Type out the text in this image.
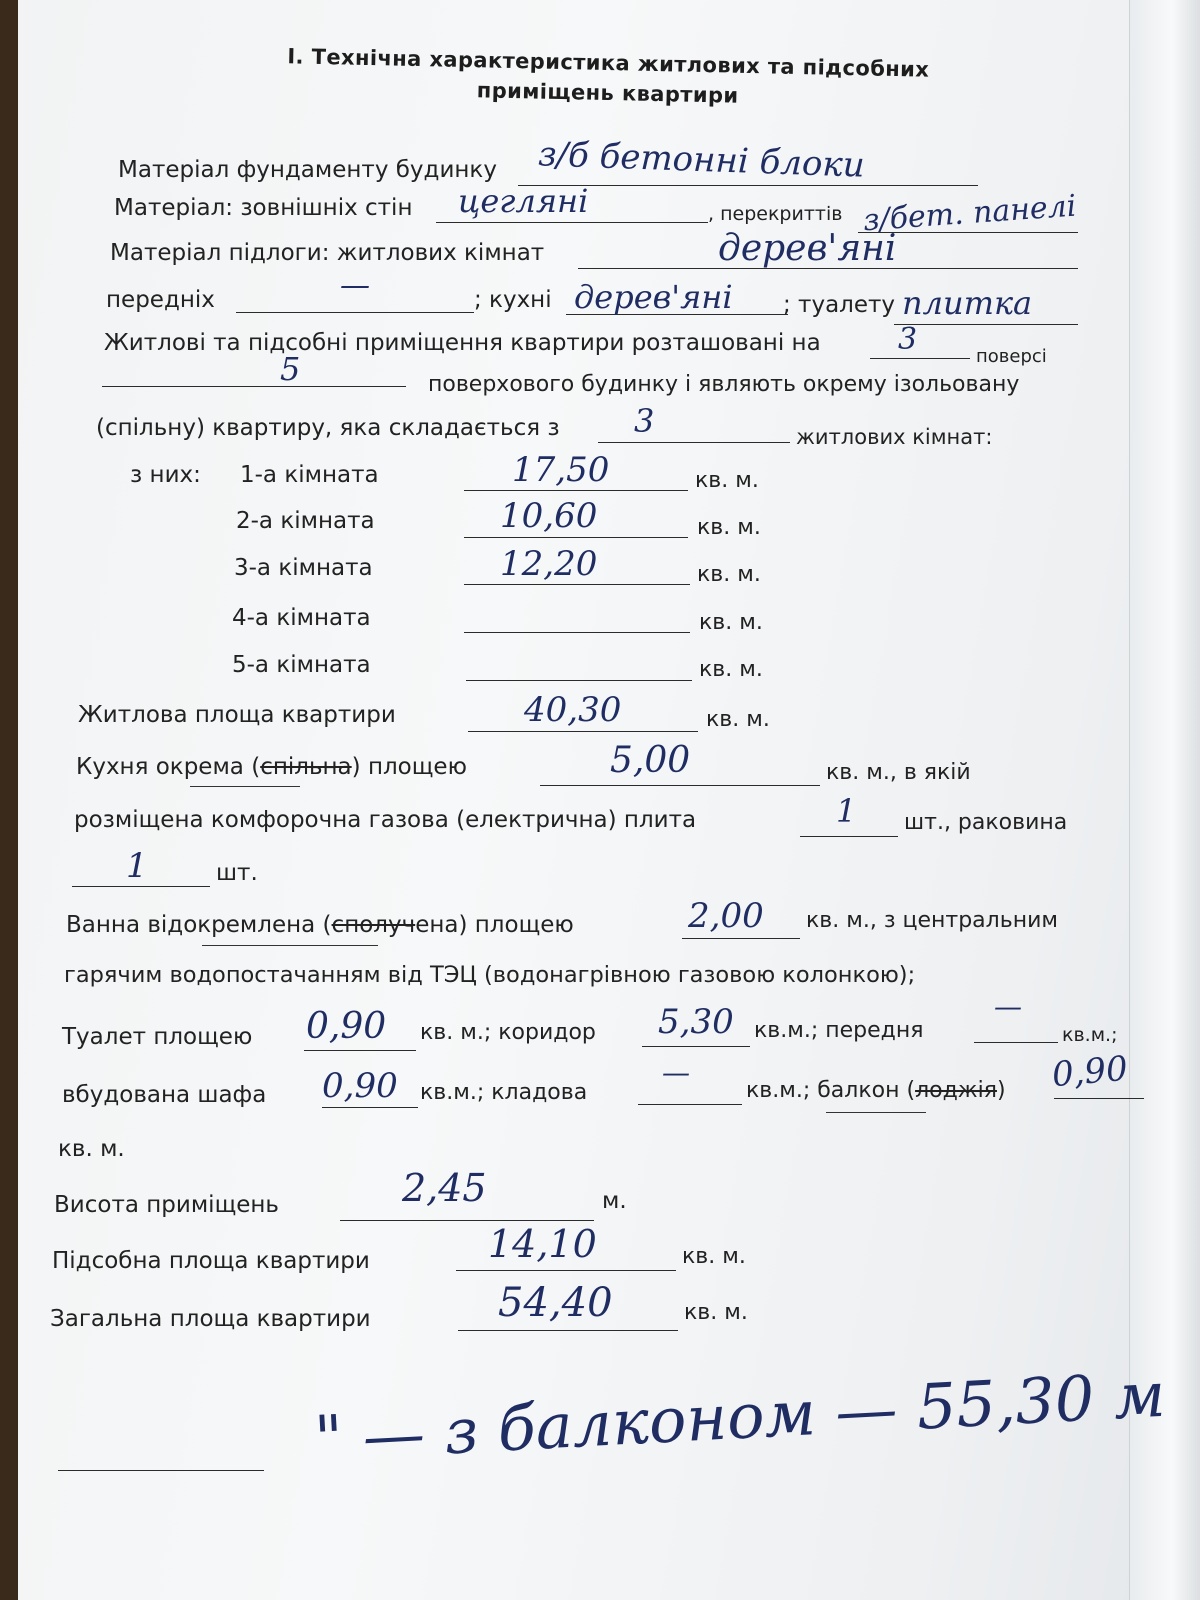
I. Технічна характеристика житлових та підсобних
приміщень квартири
Матеріал фундаменту будинку з/б бетонні блоки
Матеріал: зовнішніх стін цегляні	, перекриттів з/бет. панелі
Матеріал підлоги: житлових кімнат	дерев'яні
передніх	—	; кухні дерев'яні ; туалету плитка
Житлові та підсобні приміщення квартири розташовані на	3	поверсі
5	поверхового будинку і являють окрему ізольовану
(спільну) квартиру, яка складається з 3	житлових кімнат:
з них: 1-а кімната	17,50	кв. м.
2-а кімната	10,60	кв. м.
3-а кімната	12,20	кв. м.
4-а кімната	кв. м.
5-а кімната	кв. м.
Житлова площа квартири	40,30	кв. м.
Кухня окрема (спільна) площею	5,00	кв. м., в якій
розміщена комфорочна газова (електрична) плита	1 шт., раковина
1	шт.
Ванна відокремлена (сполучена) площею	2,00 кв. м., з центральним
гарячим водопостачанням від ТЭЦ (водонагрівною газовою колонкою);
Туалет площею 0,90 кв. м.; коридор 5,30 кв.м.; передня
—
кв.м.;
вбудована шафа 0,90 кв.м.; кладова
—
кв.м.; балкон (лоджія) 0,90
кв. м.
Висота приміщень	2,45	м.
Підсобна площа квартири	14,10	кв. м.
Загальна площа квартири	54,40	кв. м.
" — з балконом — 55,30 м
